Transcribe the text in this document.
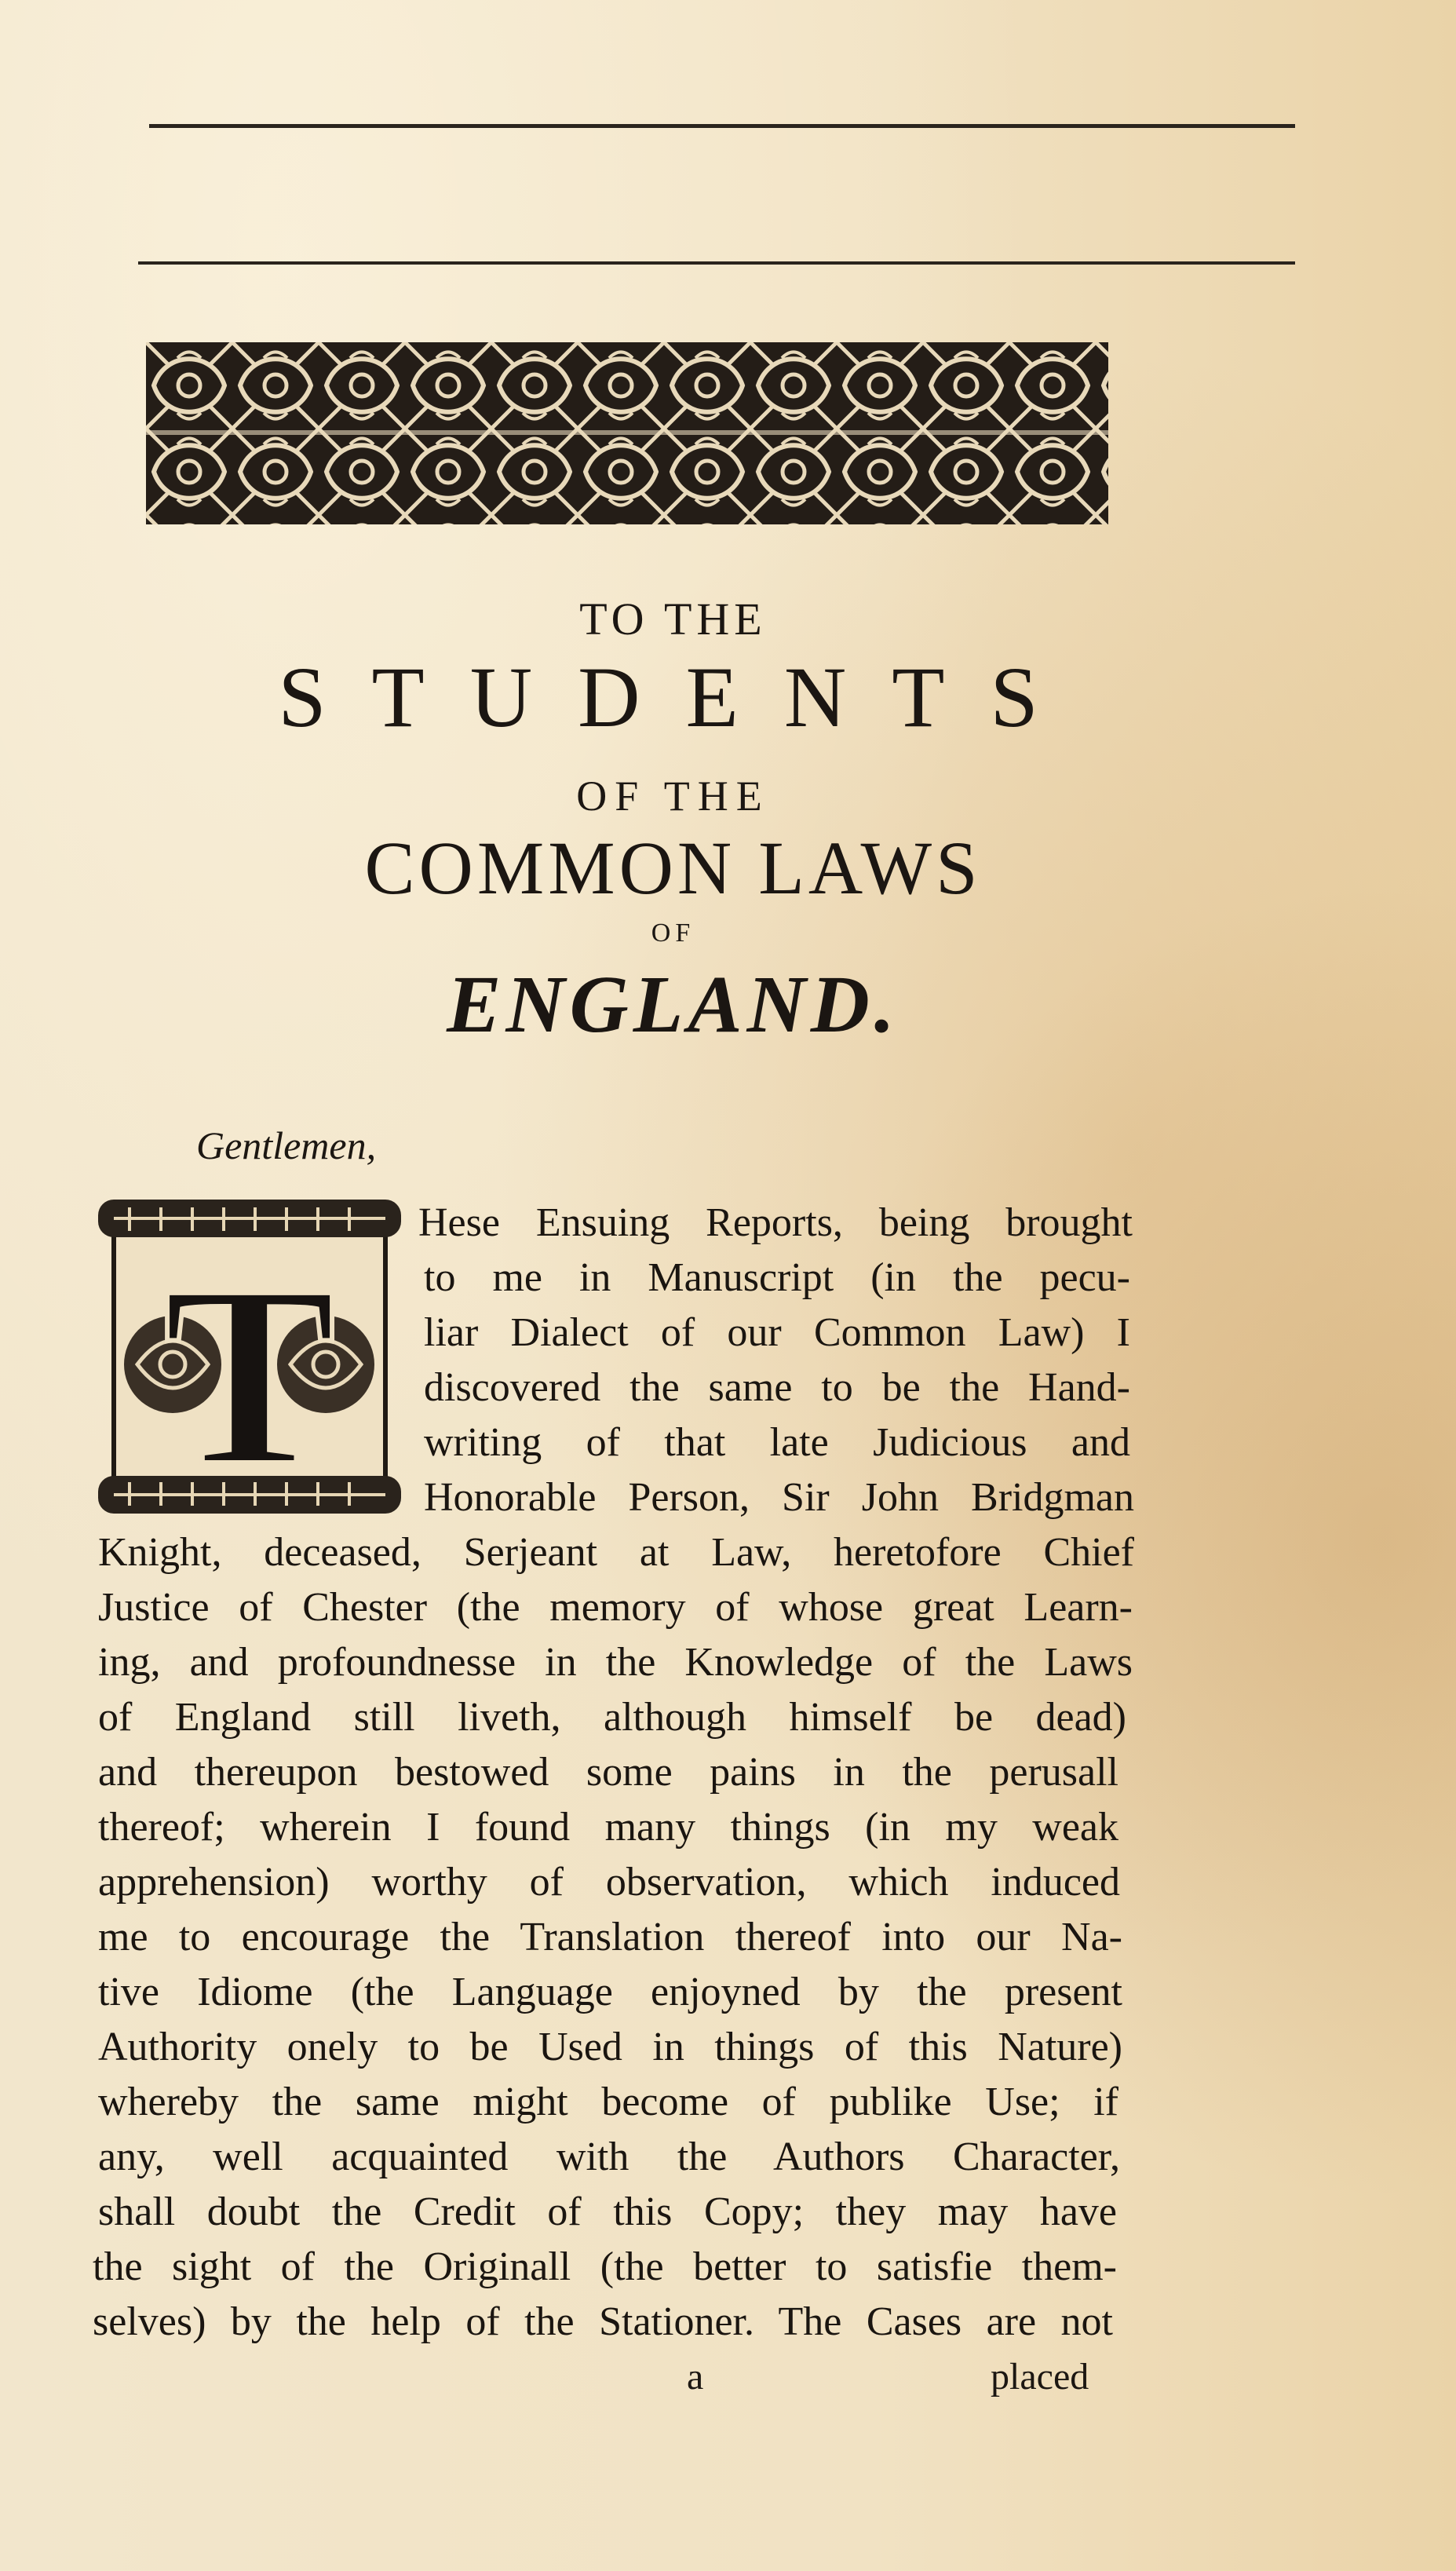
TO THE
STUDENTS
OF THE
COMMON LAWS
OF
ENGLAND.
Gentlemen,
T
Hese Ensuing Reports, being brought
to me in Manuscript (in the pecu-
liar Dialect of our Common Law) I
discovered the same to be the Hand-
writing of that late Judicious and
Honorable Person, Sir John Bridgman
Knight, deceased, Serjeant at Law, heretofore Chief
Justice of Chester (the memory of whose great Learn-
ing, and profoundnesse in the Knowledge of the Laws
of England still liveth, although himself be dead)
and thereupon bestowed some pains in the perusall
thereof; wherein I found many things (in my weak
apprehension) worthy of observation, which induced
me to encourage the Translation thereof into our Na-
tive Idiome (the Language enjoyned by the present
Authority onely to be Used in things of this Nature)
whereby the same might become of publike Use; if
any, well acquainted with the Authors Character,
shall doubt the Credit of this Copy; they may have
the sight of the Originall (the better to satisfie them-
selves) by the help of the Stationer. The Cases are not
a	placed
